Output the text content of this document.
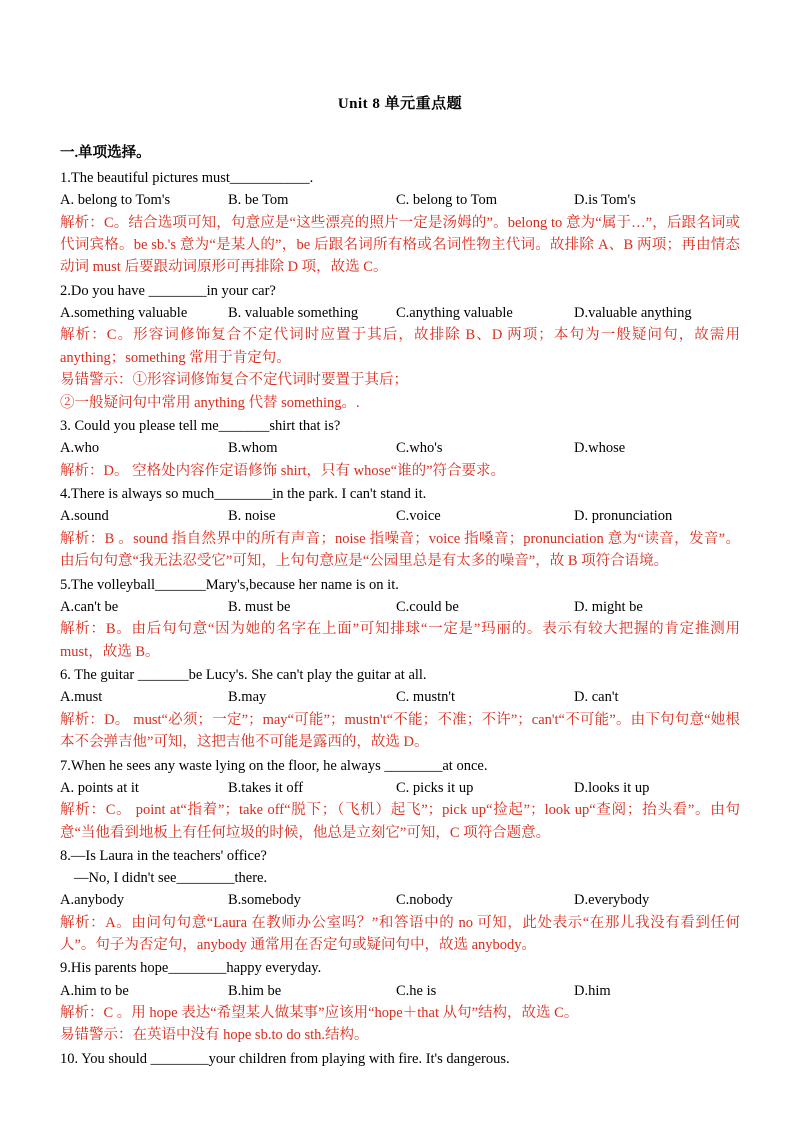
Unit 8 单元重点题
一.单项选择。

1.The beautiful pictures must___________.

A. belong to Tom's	B. be Tom	C. belong to Tom	D.is Tom's

解析：C。结合选项可知，句意应是“这些漂亮的照片一定是汤姆的”。belong to 意为“属于…”，后跟名词或代词宾格。be sb.'s 意为“是某人的”，be 后跟名词所有格或名词性物主代词。故排除 A、B 两项；再由情态动词 must 后要跟动词原形可再排除 D 项，故选 C。

2.Do you have ________in your car?

A.something valuable	B. valuable something	C.anything valuable	D.valuable anything

解析：C。形容词修饰复合不定代词时应置于其后，故排除 B、D 两项；本句为一般疑问句，故需用 anything；something 常用于肯定句。

易错警示：①形容词修饰复合不定代词时要置于其后；

②一般疑问句中常用 anything 代替 something。.

3. Could you please tell me_______shirt that is?

A.who	B.whom	C.who's	D.whose

解析：D。 空格处内容作定语修饰 shirt，只有 whose“谁的”符合要求。

4.There is always so much________in the park. I can't stand it.

A.sound	B. noise	C.voice	D. pronunciation

解析：B 。sound 指自然界中的所有声音；noise 指噪音；voice 指嗓音；pronunciation 意为“读音，发音”。由后句句意“我无法忍受它”可知，上句句意应是“公园里总是有太多的噪音”，故 B 项符合语境。

5.The volleyball_______Mary's,because her name is on it.

A.can't be	B. must be	C.could be	D. might be

解析：B。由后句句意“因为她的名字在上面”可知排球“一定是”玛丽的。表示有较大把握的肯定推测用 must，故选 B。

6. The guitar _______be Lucy's. She can't play the guitar at all.

A.must	B.may	C. mustn't	D. can't

解析：D。 must“必须；一定”；may“可能”；mustn't“不能；不准；不许”；can't“不可能”。由下句句意“她根本不会弹吉他”可知，这把吉他不可能是露西的，故选 D。

7.When he sees any waste lying on the floor, he always ________at once.

A. points at it	B.takes it off	C. picks it up	D.looks it up

解析：C。 point at“指着”；take off“脱下；（飞机）起飞”；pick up“捡起”；look up“查阅；抬头看”。由句意“当他看到地板上有任何垃圾的时候，他总是立刻它”可知，C 项符合题意。

8.—Is Laura in the teachers' office?

—No, I didn't see________there.

A.anybody	B.somebody	C.nobody	D.everybody

解析：A。由问句句意“Laura 在教师办公室吗？”和答语中的 no 可知，此处表示“在那儿我没有看到任何人”。句子为否定句，anybody 通常用在否定句或疑问句中，故选 anybody。

9.His parents hope________happy everyday.

A.him to be	B.him be	C.he is	D.him

解析：C 。用 hope 表达“希望某人做某事”应该用“hope＋that 从句”结构，故选 C。

易错警示：在英语中没有 hope sb.to do sth.结构。

10. You should ________your children from playing with fire. It's dangerous.
